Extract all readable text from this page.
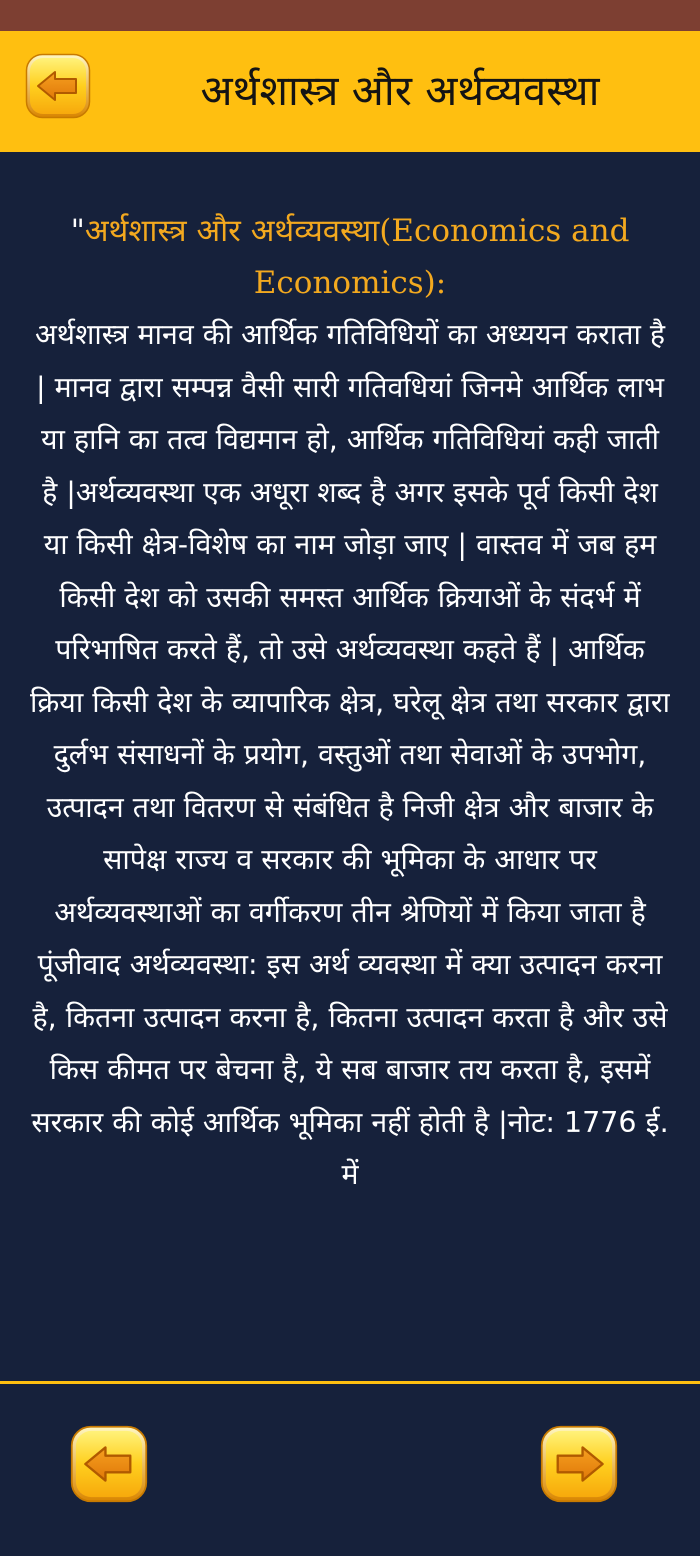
अर्थशास्त्र और अर्थव्यवस्था
"अर्थशास्त्र और अर्थव्यवस्था(Economics and Economics):
अर्थशास्त्र मानव की आर्थिक गतिविधियों का अध्ययन कराता है | मानव द्वारा सम्पन्न वैसी सारी गतिवधियां जिनमे आर्थिक लाभ या हानि का तत्व विद्यमान हो, आर्थिक गतिविधियां कही जाती है |अर्थव्यवस्था एक अधूरा शब्द है अगर इसके पूर्व किसी देश या किसी क्षेत्र-विशेष का नाम जोड़ा जाए | वास्तव में जब हम किसी देश को उसकी समस्त आर्थिक क्रियाओं के संदर्भ में परिभाषित करते हैं, तो उसे अर्थव्यवस्था कहते हैं | आर्थिक क्रिया किसी देश के व्यापारिक क्षेत्र, घरेलू क्षेत्र तथा सरकार द्वारा दुर्लभ संसाधनों के प्रयोग, वस्तुओं तथा सेवाओं के उपभोग, उत्पादन तथा वितरण से संबंधित है निजी क्षेत्र और बाजार के सापेक्ष राज्य व सरकार की भूमिका के आधार पर अर्थव्यवस्थाओं का वर्गीकरण तीन श्रेणियों में किया जाता है पूंजीवाद अर्थव्यवस्था: इस अर्थ व्यवस्था में क्या उत्पादन करना है, कितना उत्पादन करना है, कितना उत्पादन करता है और उसे किस कीमत पर बेचना है, ये सब बाजार तय करता है, इसमें सरकार की कोई आर्थिक भूमिका नहीं होती है |नोट: 1776 ई. में
